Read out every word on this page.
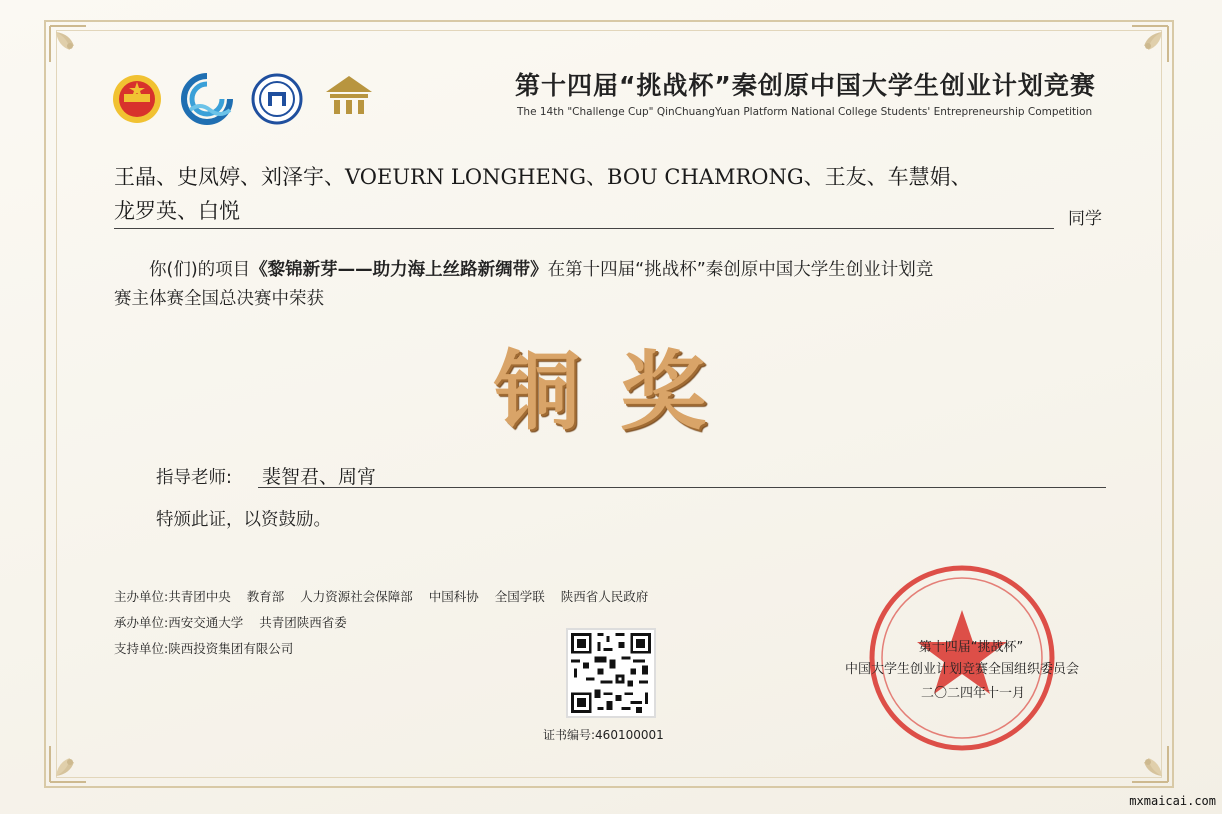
第十四届“挑战杯”秦创原中国大学生创业计划竞赛
The 14th "Challenge Cup" QinChuangYuan Platform National College Students' Entrepreneurship Competition
王晶、史凤婷、刘泽宇、VOEURN LONGHENG、BOU CHAMRONG、王友、车慧娟、
龙罗英、白悦	同学
你(们)的项目《黎锦新芽——助力海上丝路新绸带》在第十四届“挑战杯”秦创原中国大学生创业计划竞
赛主体赛全国总决赛中荣获
铜奖
指导老师: 裴智君、周宵
特颁此证，以资鼓励。
主办单位:共青团中央 教育部 人力资源社会保障部 中国科协 全国学联 陕西省人民政府
承办单位:西安交通大学 共青团陕西省委
支持单位:陕西投资集团有限公司
证书编号:460100001
第十四届“挑战杯”
中国大学生创业计划竞赛全国组织委员会
二〇二四年十一月
mxmaicai.com
